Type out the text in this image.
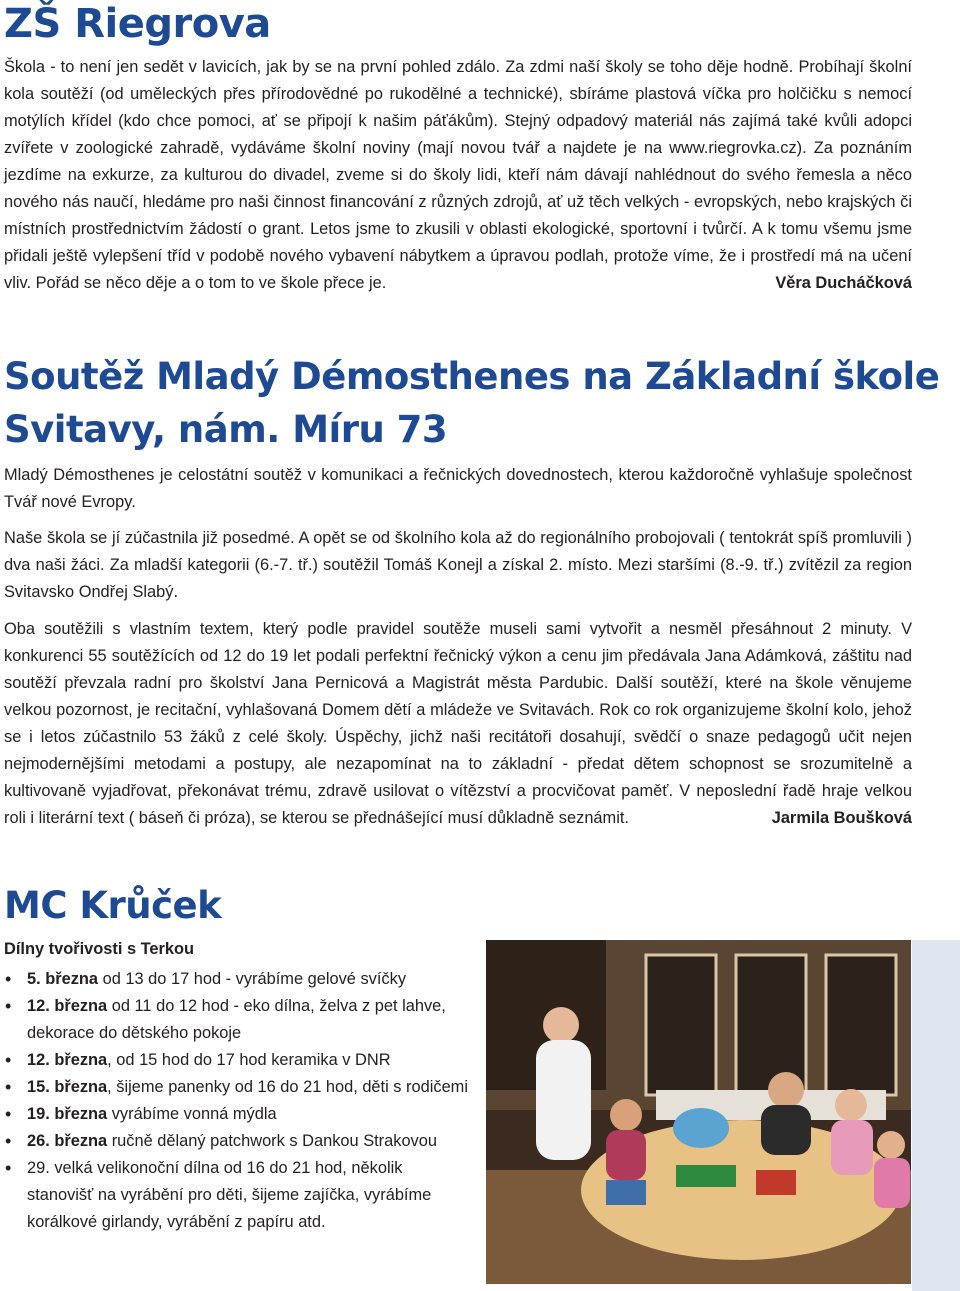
ZŠ Riegrova

Škola - to není jen sedět v lavicích, jak by se na první pohled zdálo. Za zdmi naší školy se toho děje hodně. Probíhají školní kola soutěží (od uměleckých přes přírodovědné po rukodělné a technické), sbíráme plastová víčka pro holčičku s nemocí motýlích křídel (kdo chce pomoci, ať se připojí k našim páťákům). Stejný odpadový materiál nás zajímá také kvůli adopci zvířete v zoologické zahradě, vydáváme školní noviny (mají novou tvář a najdete je na www.riegrovka.cz). Za poznáním jezdíme na exkurze, za kulturou do divadel, zveme si do školy lidi, kteří nám dávají nahlédnout do svého řemesla a něco nového nás naučí, hledáme pro naši činnost financování z různých zdrojů, ať už těch velkých - evropských, nebo krajských či místních prostřednictvím žádostí o grant. Letos jsme to zkusili v oblasti ekologické, sportovní i tvůrčí. A k tomu všemu jsme přidali ještě vylepšení tříd v podobě nového vybavení nábytkem a úpravou podlah, protože víme, že i prostředí má na učení vliv. Pořád se něco děje a o tom to ve škole přece je.	Věra Ducháčková

Soutěž Mladý Démosthenes na Základní škole
Svitavy, nám. Míru 73

Mladý Démosthenes je celostátní soutěž v komunikaci a řečnických dovednostech, kterou každoročně vyhlašuje společnost Tvář nové Evropy.

Naše škola se jí zúčastnila již posedmé. A opět se od školního kola až do regionálního probojovali ( tentokrát spíš promluvili ) dva naši žáci. Za mladší kategorii (6.-7. tř.) soutěžil Tomáš Konejl a získal 2. místo. Mezi staršími (8.-9. tř.) zvítězil za region Svitavsko Ondřej Slabý.

Oba soutěžili s vlastním textem, který podle pravidel soutěže museli sami vytvořit a nesměl přesáhnout 2 minuty. V konkurenci 55 soutěžících od 12 do 19 let podali perfektní řečnický výkon a cenu jim předávala Jana Adámková, záštitu nad soutěží převzala radní pro školství Jana Pernicová a Magistrát města Pardubic. Další soutěží, které na škole věnujeme velkou pozornost, je recitační, vyhlašovaná Domem dětí a mládeže ve Svitavách. Rok co rok organizujeme školní kolo, jehož se i letos zúčastnilo 53 žáků z celé školy. Úspěchy, jichž naši recitátoři dosahují, svědčí o snaze pedagogů učit nejen nejmodernějšími metodami a postupy, ale nezapomínat na to základní - předat dětem schopnost se srozumitelně a kultivovaně vyjadřovat, překonávat trému, zdravě usilovat o vítězství a procvičovat paměť. V neposlední řadě hraje velkou roli i literární text ( báseň či próza), se kterou se přednášející musí důkladně seznámit.	Jarmila Boušková

MC Krůček

Dílny tvořivosti s Terkou

• 5. března od 13 do 17 hod - vyrábíme gelové svíčky
• 12. března od 11 do 12 hod - eko dílna, želva z pet lahve, dekorace do dětského pokoje
• 12. března, od 15 hod do 17 hod keramika v DNR
• 15. března, šijeme panenky od 16 do 21 hod, děti s rodičemi
• 19. března vyrábíme vonná mýdla
• 26. března ručně dělaný patchwork s Dankou Strakovou
• 29. velká velikonoční dílna od 16 do 21 hod, několik stanovišť na vyrábění pro děti, šijeme zajíčka, vyrábíme korálkové girlandy, vyrábění z papíru atd.
